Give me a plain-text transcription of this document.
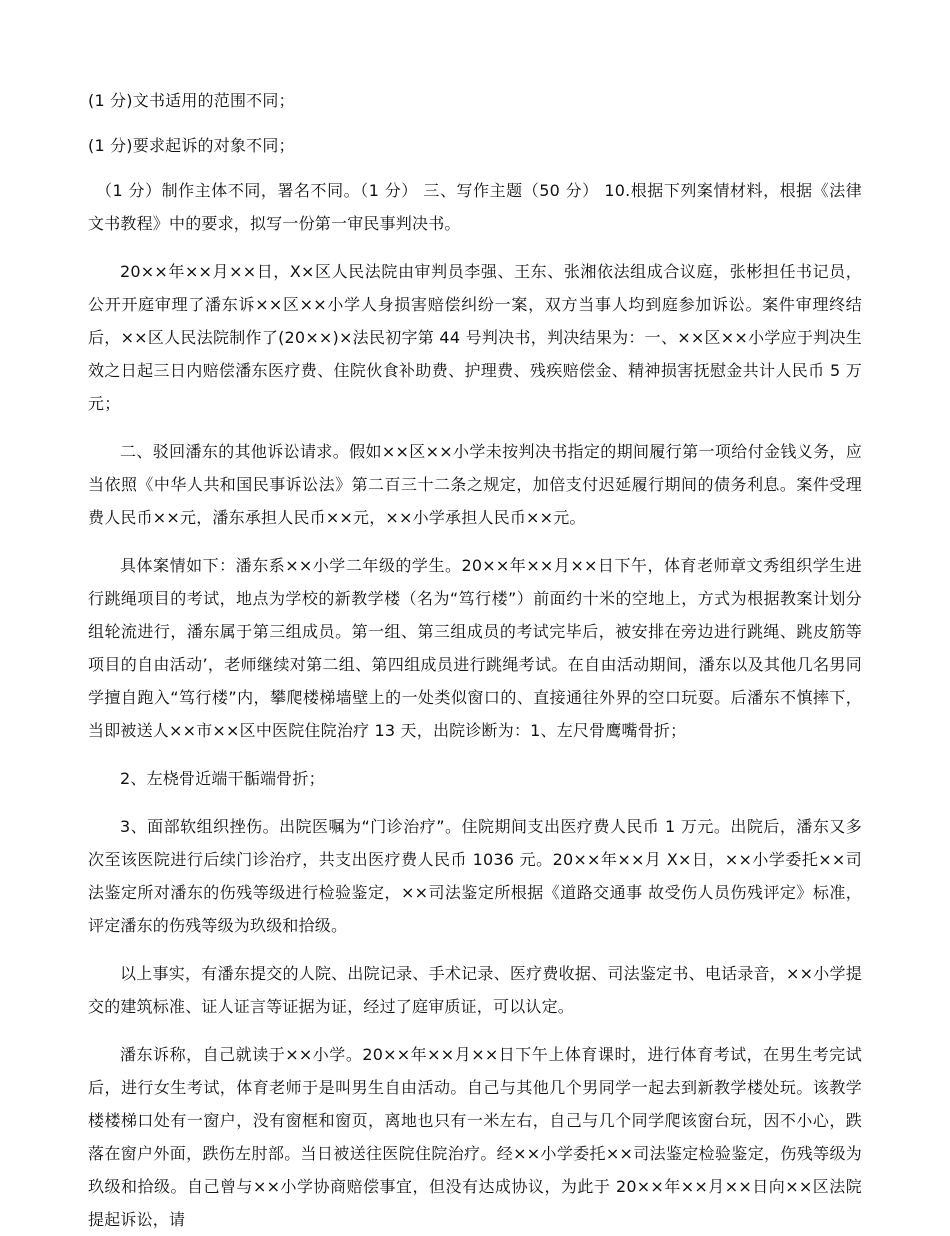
(1 分)文书适用的范围不同；

(1 分)要求起诉的对象不同；

（1 分）制作主体不同，署名不同。（1 分） 三、写作主题（50 分） 10.根据下列案情材料，根据《法律文书教程》中的要求，拟写一份第一审民事判决书。

20××年××月××日，X×区人民法院由审判员李强、王东、张湘依法组成合议庭，张彬担任书记员，公开开庭审理了潘东诉××区××小学人身损害赔偿纠纷一案，双方当事人均到庭参加诉讼。案件审理终结后，××区人民法院制作了(20××)×法民初字第 44 号判决书，判决结果为：一、××区××小学应于判决生效之日起三日内赔偿潘东医疗费、住院伙食补助费、护理费、残疾赔偿金、精神损害抚慰金共计人民币 5 万元；

二、驳回潘东的其他诉讼请求。假如××区××小学未按判决书指定的期间履行第一项给付金钱义务，应当依照《中华人共和国民事诉讼法》第二百三十二条之规定，加倍支付迟延履行期间的债务利息。案件受理费人民币××元，潘东承担人民币××元，××小学承担人民币××元。

具体案情如下：潘东系××小学二年级的学生。20××年××月××日下午，体育老师章文秀组织学生进行跳绳项目的考试，地点为学校的新教学楼（名为“笃行楼”）前面约十米的空地上，方式为根据教案计划分组轮流进行，潘东属于第三组成员。第一组、第三组成员的考试完毕后，被安排在旁边进行跳绳、跳皮筋等项目的自由活动’，老师继续对第二组、第四组成员进行跳绳考试。在自由活动期间，潘东以及其他几名男同学擅自跑入“笃行楼”内，攀爬楼梯墙壁上的一处类似窗口的、直接通往外界的空口玩耍。后潘东不慎摔下，当即被送人××市××区中医院住院治疗 13 天，出院诊断为：1、左尺骨鹰嘴骨折；

2、左桡骨近端干骺端骨折；

3、面部软组织挫伤。出院医嘱为“门诊治疗”。住院期间支出医疗费人民币 1 万元。出院后，潘东又多次至该医院进行后续门诊治疗，共支出医疗费人民币 1036 元。20××年××月 X×日，××小学委托××司法鉴定所对潘东的伤残等级进行检验鉴定，××司法鉴定所根据《道路交通事 故受伤人员伤残评定》标准，评定潘东的伤残等级为玖级和拾级。

以上事实，有潘东提交的人院、出院记录、手术记录、医疗费收据、司法鉴定书、电话录音，××小学提交的建筑标准、证人证言等证据为证，经过了庭审质证，可以认定。

潘东诉称，自己就读于××小学。20××年××月××日下午上体育课时，进行体育考试，在男生考完试后，进行女生考试，体育老师于是叫男生自由活动。自己与其他几个男同学一起去到新教学楼处玩。该教学楼楼梯口处有一窗户，没有窗框和窗页，离地也只有一米左右，自己与几个同学爬该窗台玩，因不小心，跌落在窗户外面，跌伤左肘部。当日被送往医院住院治疗。经××小学委托××司法鉴定检验鉴定，伤残等级为玖级和拾级。自己曾与××小学协商赔偿事宜，但没有达成协议，为此于 20××年××月××日向××区法院提起诉讼，请
